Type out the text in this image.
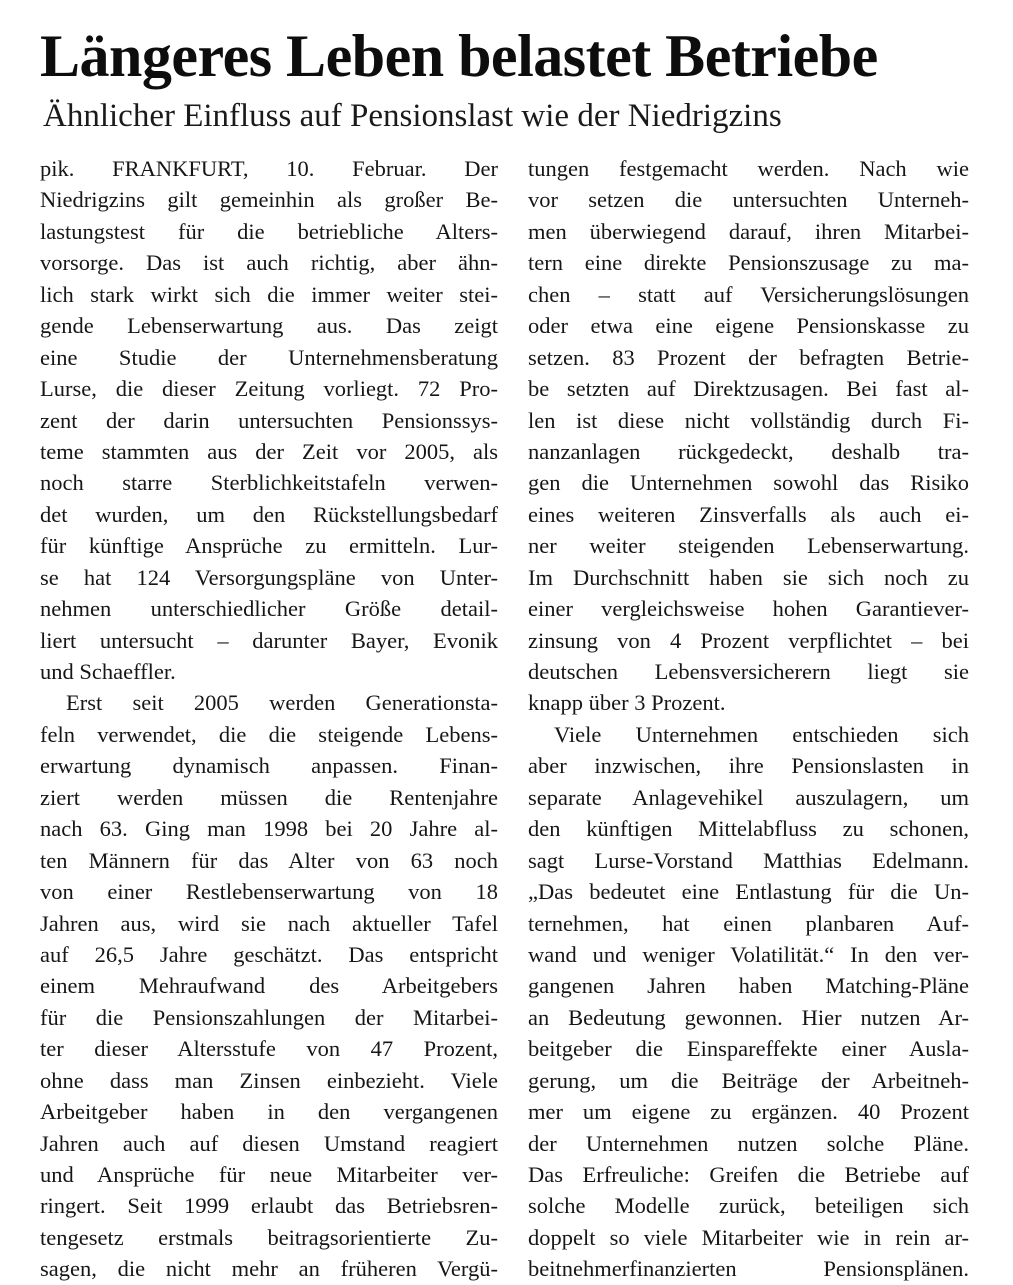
Längeres Leben belastet Betriebe
Ähnlicher Einfluss auf Pensionslast wie der Niedrigzins
pik. FRANKFURT, 10. Februar. Der
Niedrigzins gilt gemeinhin als großer Be-
lastungstest für die betriebliche Alters-
vorsorge. Das ist auch richtig, aber ähn-
lich stark wirkt sich die immer weiter stei-
gende Lebenserwartung aus. Das zeigt
eine Studie der Unternehmensberatung
Lurse, die dieser Zeitung vorliegt. 72 Pro-
zent der darin untersuchten Pensionssys-
teme stammten aus der Zeit vor 2005, als
noch starre Sterblichkeitstafeln verwen-
det wurden, um den Rückstellungsbedarf
für künftige Ansprüche zu ermitteln. Lur-
se hat 124 Versorgungspläne von Unter-
nehmen unterschiedlicher Größe detail-
liert untersucht – darunter Bayer, Evonik
und Schaeffler.
Erst seit 2005 werden Generationsta-
feln verwendet, die die steigende Lebens-
erwartung dynamisch anpassen. Finan-
ziert werden müssen die Rentenjahre
nach 63. Ging man 1998 bei 20 Jahre al-
ten Männern für das Alter von 63 noch
von einer Restlebenserwartung von 18
Jahren aus, wird sie nach aktueller Tafel
auf 26,5 Jahre geschätzt. Das entspricht
einem Mehraufwand des Arbeitgebers
für die Pensionszahlungen der Mitarbei-
ter dieser Altersstufe von 47 Prozent,
ohne dass man Zinsen einbezieht. Viele
Arbeitgeber haben in den vergangenen
Jahren auch auf diesen Umstand reagiert
und Ansprüche für neue Mitarbeiter ver-
ringert. Seit 1999 erlaubt das Betriebsren-
tengesetz erstmals beitragsorientierte Zu-
sagen, die nicht mehr an früheren Vergü-
tungen festgemacht werden. Nach wie
vor setzen die untersuchten Unterneh-
men überwiegend darauf, ihren Mitarbei-
tern eine direkte Pensionszusage zu ma-
chen – statt auf Versicherungslösungen
oder etwa eine eigene Pensionskasse zu
setzen. 83 Prozent der befragten Betrie-
be setzten auf Direktzusagen. Bei fast al-
len ist diese nicht vollständig durch Fi-
nanzanlagen rückgedeckt, deshalb tra-
gen die Unternehmen sowohl das Risiko
eines weiteren Zinsverfalls als auch ei-
ner weiter steigenden Lebenserwartung.
Im Durchschnitt haben sie sich noch zu
einer vergleichsweise hohen Garantiever-
zinsung von 4 Prozent verpflichtet – bei
deutschen Lebensversicherern liegt sie
knapp über 3 Prozent.
Viele Unternehmen entschieden sich
aber inzwischen, ihre Pensionslasten in
separate Anlagevehikel auszulagern, um
den künftigen Mittelabfluss zu schonen,
sagt Lurse-Vorstand Matthias Edelmann.
„Das bedeutet eine Entlastung für die Un-
ternehmen, hat einen planbaren Auf-
wand und weniger Volatilität.“ In den ver-
gangenen Jahren haben Matching-Pläne
an Bedeutung gewonnen. Hier nutzen Ar-
beitgeber die Einspareffekte einer Ausla-
gerung, um die Beiträge der Arbeitneh-
mer um eigene zu ergänzen. 40 Prozent
der Unternehmen nutzen solche Pläne.
Das Erfreuliche: Greifen die Betriebe auf
solche Modelle zurück, beteiligen sich
doppelt so viele Mitarbeiter wie in rein ar-
beitnehmerfinanzierten Pensionsplänen.
